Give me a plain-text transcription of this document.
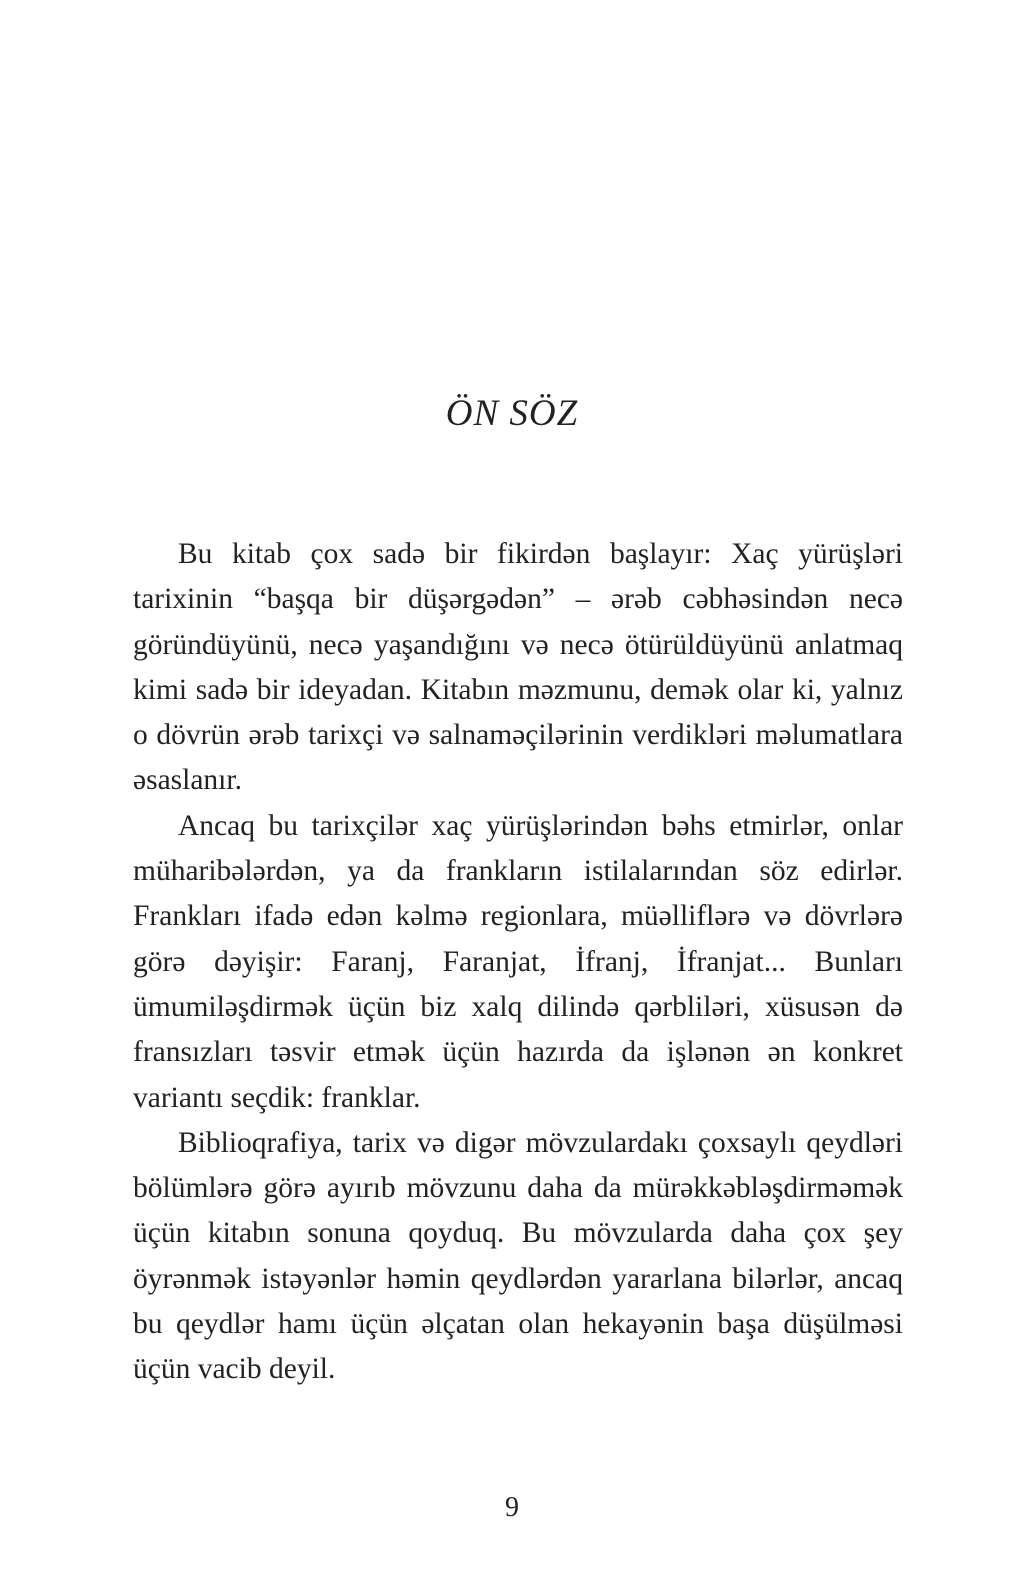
ÖN SÖZ

Bu kitab çox sadə bir fikirdən başlayır: Xaç yürüşləri tarixinin “başqa bir düşərgədən” – ərəb cəbhəsindən necə göründüyünü, necə yaşandığını və necə ötürüldüyünü anlatmaq kimi sadə bir ideyadan. Kitabın məzmunu, demək olar ki, yalnız o dövrün ərəb tarixçi və salnaməçilərinin verdikləri məlumatlara əsaslanır.

Ancaq bu tarixçilər xaç yürüşlərindən bəhs etmirlər, onlar müharibələrdən, ya da frankların istilalarından söz edirlər. Frankları ifadə edən kəlmə regionlara, müəlliflərə və dövrlərə görə dəyişir: Faranj, Faranjat, İfranj, İfranjat... Bunları ümumiləşdirmək üçün biz xalq dilində qərbliləri, xüsusən də fransızları təsvir etmək üçün hazırda da işlənən ən konkret variantı seçdik: franklar.

Biblioqrafiya, tarix və digər mövzulardakı çoxsaylı qeydləri bölümlərə görə ayırıb mövzunu daha da mürəkkəbləşdirməmək üçün kitabın sonuna qoyduq. Bu mövzularda daha çox şey öyrənmək istəyənlər həmin qeydlərdən yararlana bilərlər, ancaq bu qeydlər hamı üçün əlçatan olan hekayənin başa düşülməsi üçün vacib deyil.

9
